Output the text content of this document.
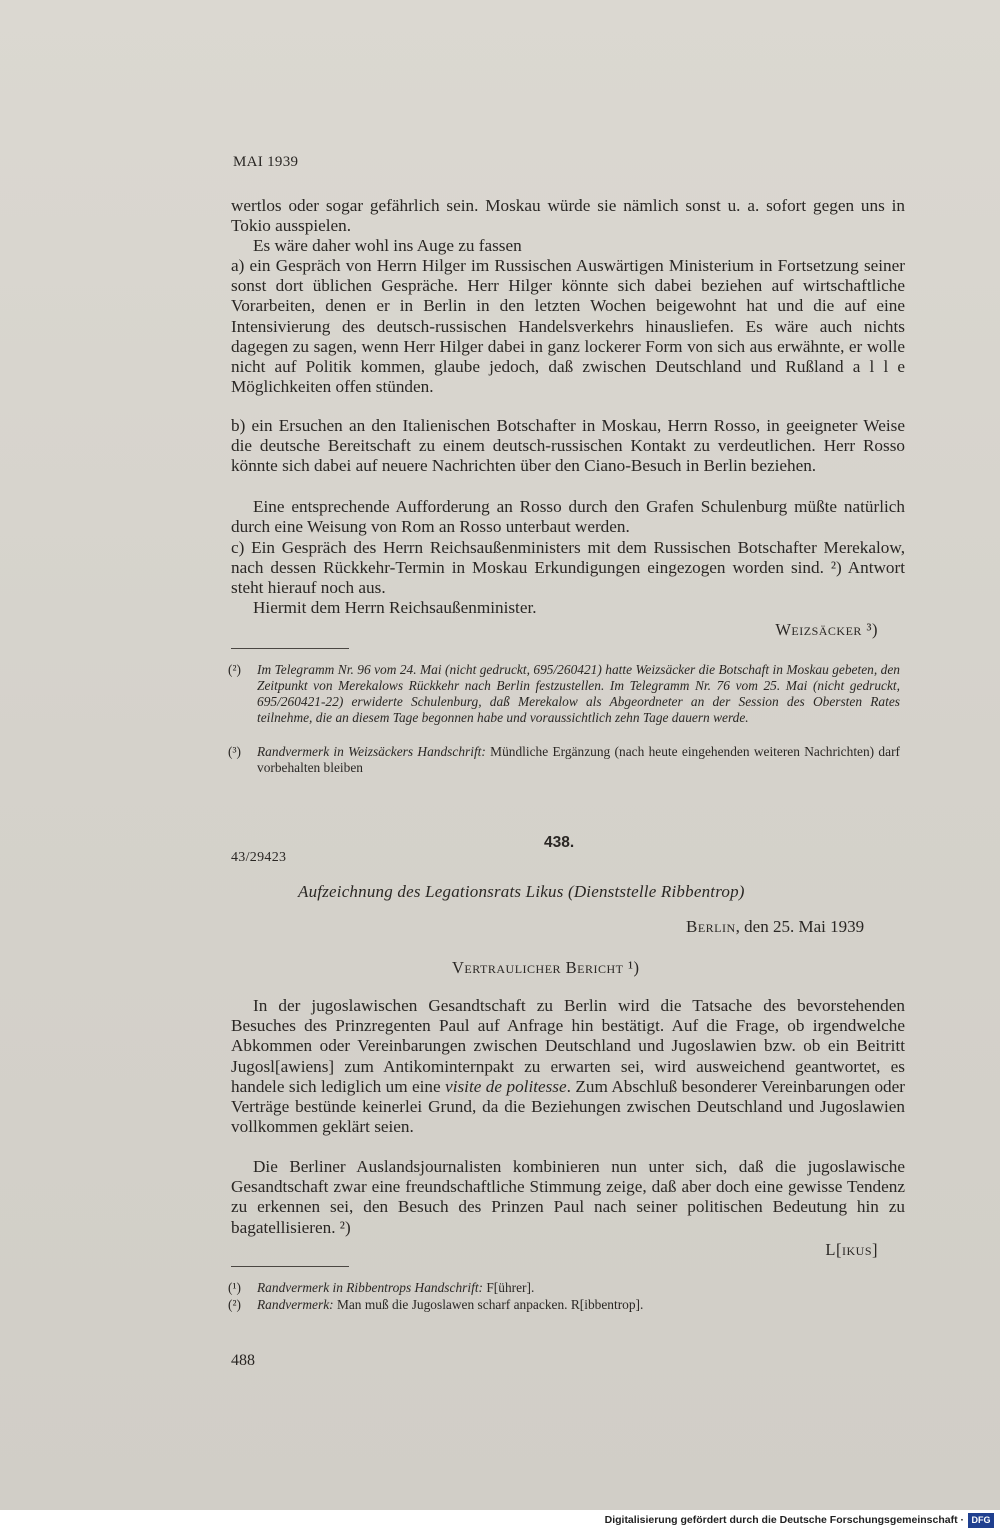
MAI 1939

wertlos oder sogar gefährlich sein. Moskau würde sie nämlich sonst u. a. sofort gegen uns in Tokio ausspielen.

Es wäre daher wohl ins Auge zu fassen

a) ein Gespräch von Herrn Hilger im Russischen Auswärtigen Ministerium in Fortsetzung seiner sonst dort üblichen Gespräche. Herr Hilger könnte sich dabei beziehen auf wirtschaftliche Vorarbeiten, denen er in Berlin in den letzten Wochen beigewohnt hat und die auf eine Intensivierung des deutsch-russischen Handelsverkehrs hinausliefen. Es wäre auch nichts dagegen zu sagen, wenn Herr Hilger dabei in ganz lockerer Form von sich aus erwähnte, er wolle nicht auf Politik kommen, glaube jedoch, daß zwischen Deutschland und Rußland a l l e Möglichkeiten offen stünden.

b) ein Ersuchen an den Italienischen Botschafter in Moskau, Herrn Rosso, in geeigneter Weise die deutsche Bereitschaft zu einem deutsch-russischen Kontakt zu verdeutlichen. Herr Rosso könnte sich dabei auf neuere Nachrichten über den Ciano-Besuch in Berlin beziehen.

Eine entsprechende Aufforderung an Rosso durch den Grafen Schulenburg müßte natürlich durch eine Weisung von Rom an Rosso unterbaut werden.

c) Ein Gespräch des Herrn Reichsaußenministers mit dem Russischen Botschafter Merekalow, nach dessen Rückkehr-Termin in Moskau Erkundigungen eingezogen worden sind. ²) Antwort steht hierauf noch aus.

Hiermit dem Herrn Reichsaußenminister.

Weizsäcker ³)
(²) Im Telegramm Nr. 96 vom 24. Mai (nicht gedruckt, 695/260421) hatte Weizsäcker die Botschaft in Moskau gebeten, den Zeitpunkt von Merekalows Rückkehr nach Berlin festzustellen. Im Telegramm Nr. 76 vom 25. Mai (nicht gedruckt, 695/260421-22) erwiderte Schulenburg, daß Merekalow als Abgeordneter an der Session des Obersten Rates teilnehme, die an diesem Tage begonnen habe und voraussichtlich zehn Tage dauern werde.
(³) Randvermerk in Weizsäckers Handschrift: Mündliche Ergänzung (nach heute eingehenden weiteren Nachrichten) darf vorbehalten bleiben
438.
43/29423
Aufzeichnung des Legationsrats Likus (Dienststelle Ribbentrop)
Berlin, den 25. Mai 1939
Vertraulicher Bericht ¹)

In der jugoslawischen Gesandtschaft zu Berlin wird die Tatsache des bevorstehenden Besuches des Prinzregenten Paul auf Anfrage hin bestätigt. Auf die Frage, ob irgendwelche Abkommen oder Vereinbarungen zwischen Deutschland und Jugoslawien bzw. ob ein Beitritt Jugosl[awiens] zum Antikominternpakt zu erwarten sei, wird ausweichend geantwortet, es handele sich lediglich um eine visite de politesse. Zum Abschluß besonderer Vereinbarungen oder Verträge bestünde keinerlei Grund, da die Beziehungen zwischen Deutschland und Jugoslawien vollkommen geklärt seien.

Die Berliner Auslandsjournalisten kombinieren nun unter sich, daß die jugoslawische Gesandtschaft zwar eine freundschaftliche Stimmung zeige, daß aber doch eine gewisse Tendenz zu erkennen sei, den Besuch des Prinzen Paul nach seiner politischen Bedeutung hin zu bagatellisieren. ²)

L[ikus]
(¹) Randvermerk in Ribbentrops Handschrift: F[ührer].
(²) Randvermerk: Man muß die Jugoslawen scharf anpacken. R[ibbentrop].
488
Digitalisierung gefördert durch die Deutsche Forschungsgemeinschaft · DFG
